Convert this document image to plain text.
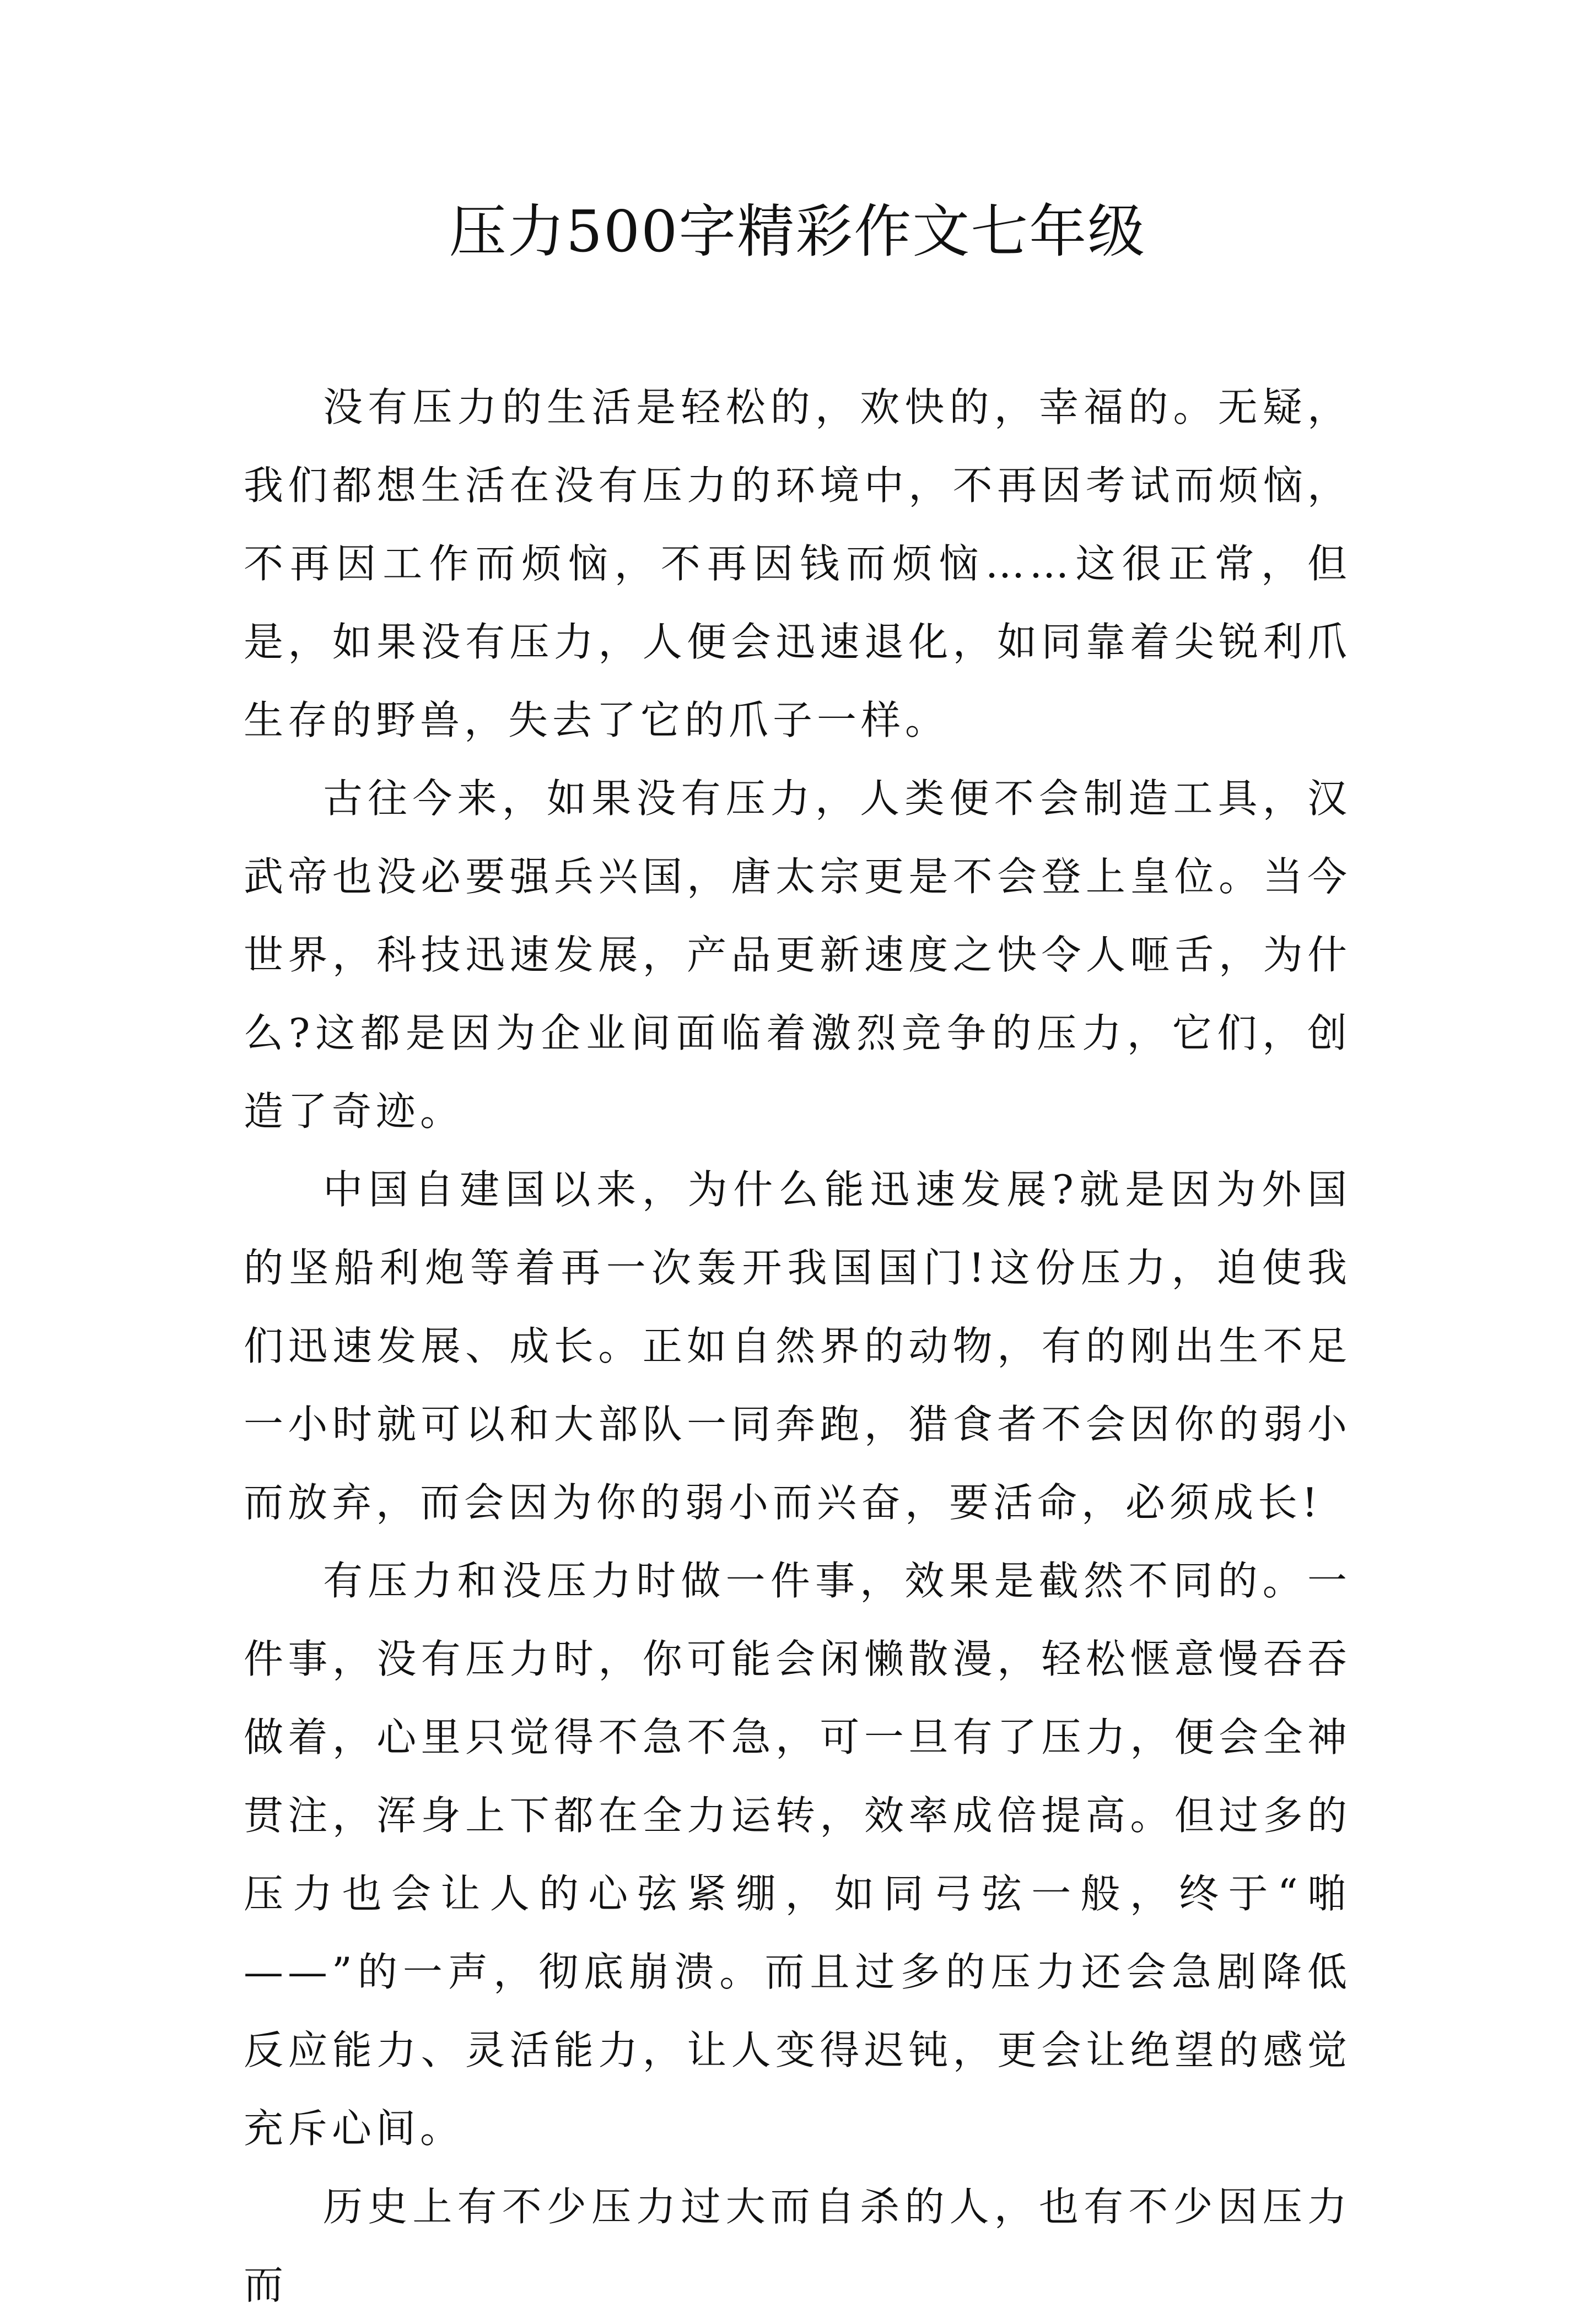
压力500字精彩作文七年级

没有压力的生活是轻松的，欢快的，幸福的。无疑，我们都想生活在没有压力的环境中，不再因考试而烦恼，不再因工作而烦恼，不再因钱而烦恼……这很正常，但是，如果没有压力，人便会迅速退化，如同靠着尖锐利爪生存的野兽，失去了它的爪子一样。

古往今来，如果没有压力，人类便不会制造工具，汉武帝也没必要强兵兴国，唐太宗更是不会登上皇位。当今世界，科技迅速发展，产品更新速度之快令人咂舌，为什么?这都是因为企业间面临着激烈竞争的压力，它们，创造了奇迹。

中国自建国以来，为什么能迅速发展?就是因为外国的坚船利炮等着再一次轰开我国国门!这份压力，迫使我们迅速发展、成长。正如自然界的动物，有的刚出生不足一小时就可以和大部队一同奔跑，猎食者不会因你的弱小而放弃，而会因为你的弱小而兴奋，要活命，必须成长!

有压力和没压力时做一件事，效果是截然不同的。一件事，没有压力时，你可能会闲懒散漫，轻松惬意慢吞吞做着，心里只觉得不急不急，可一旦有了压力，便会全神贯注，浑身上下都在全力运转，效率成倍提高。但过多的压力也会让人的心弦紧绷，如同弓弦一般，终于“啪——”的一声，彻底崩溃。而且过多的压力还会急剧降低反应能力、灵活能力，让人变得迟钝，更会让绝望的感觉充斥心间。

历史上有不少压力过大而自杀的人，也有不少因压力而
